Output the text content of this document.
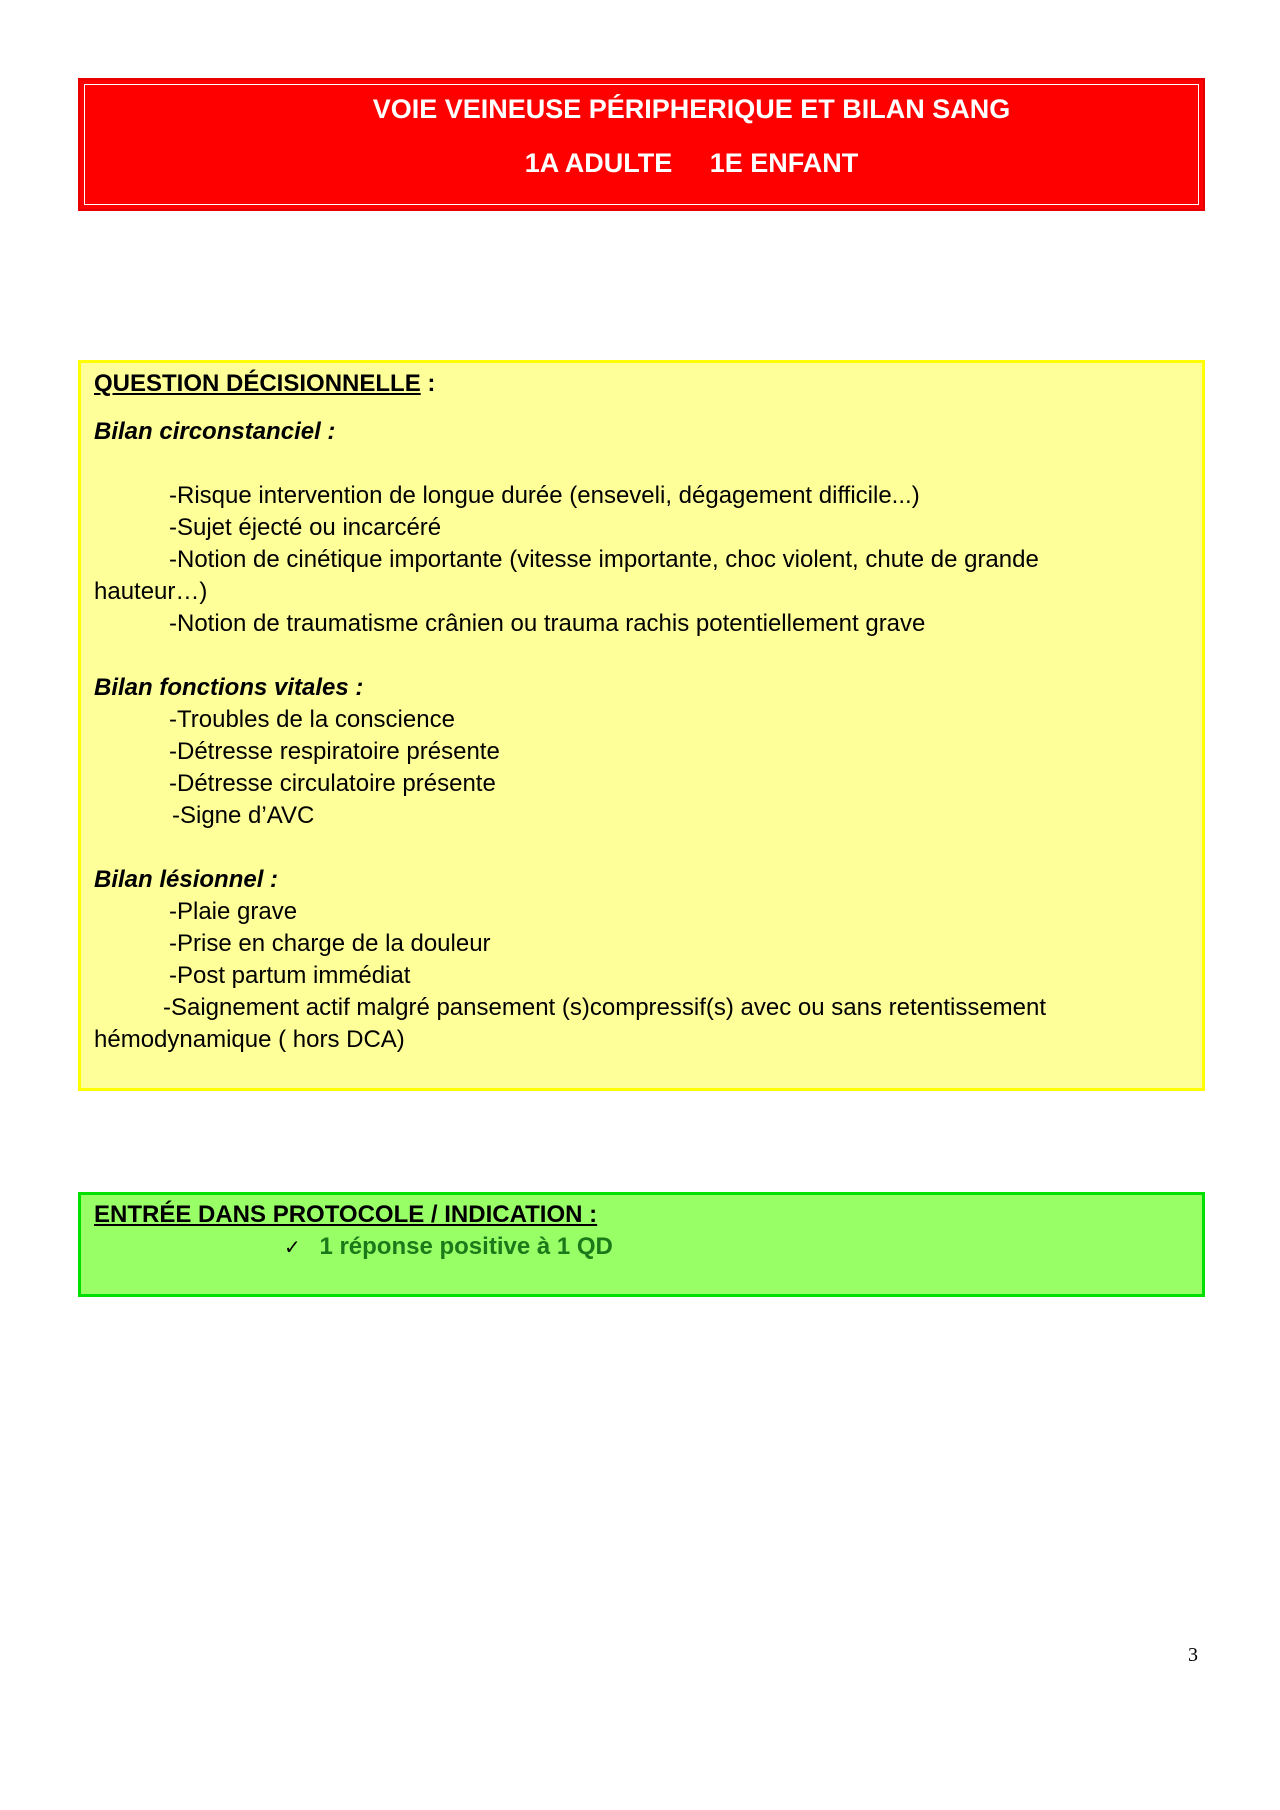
VOIE VEINEUSE PÉRIPHERIQUE ET BILAN SANG
1A ADULTE     1E ENFANT
QUESTION DÉCISIONNELLE :
Bilan circonstanciel :
-Risque intervention de longue durée (enseveli, dégagement difficile...)
-Sujet éjecté ou incarcéré
-Notion de cinétique importante (vitesse importante, choc violent, chute de grande
hauteur…)
-Notion de traumatisme crânien ou trauma rachis potentiellement grave
Bilan fonctions vitales :
-Troubles de la conscience
-Détresse respiratoire présente
-Détresse circulatoire présente
-Signe d’AVC
Bilan lésionnel :
-Plaie grave
-Prise en charge de la douleur
-Post partum immédiat
-Saignement actif malgré pansement (s)compressif(s) avec ou sans retentissement
hémodynamique ( hors DCA)
ENTRÉE DANS PROTOCOLE / INDICATION :
✓ 1 réponse positive à 1 QD
3
